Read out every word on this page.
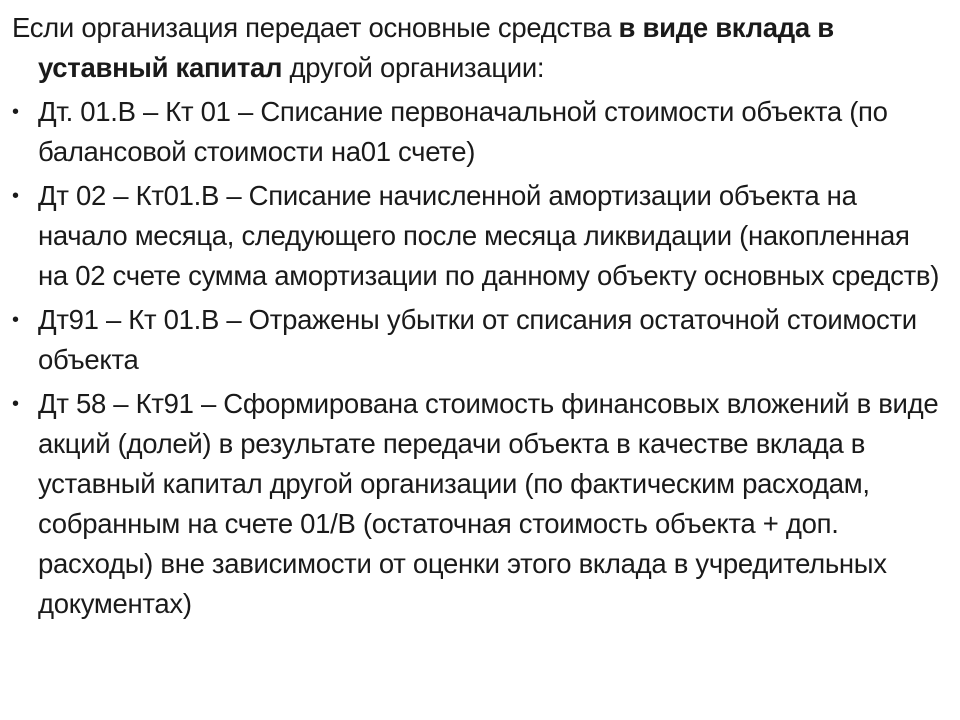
Если организация передает основные средства в виде вклада в уставный капитал другой организации:

• Дт. 01.В – Кт 01 – Списание первоначальной стоимости объекта (по балансовой стоимости на01 счете)
• Дт 02 – Кт01.В – Списание начисленной амортизации объекта на начало месяца, следующего после месяца ликвидации (накопленная на 02 счете сумма амортизации по данному объекту основных средств)
• Дт91 – Кт 01.В – Отражены убытки от списания остаточной стоимости объекта
• Дт 58 – Кт91 – Сформирована стоимость финансовых вложений в виде акций (долей) в результате передачи объекта в качестве вклада в уставный капитал другой организации (по фактическим расходам, собранным на счете 01/В (остаточная стоимость объекта + доп. расходы) вне зависимости от оценки этого вклада в учредительных документах)
